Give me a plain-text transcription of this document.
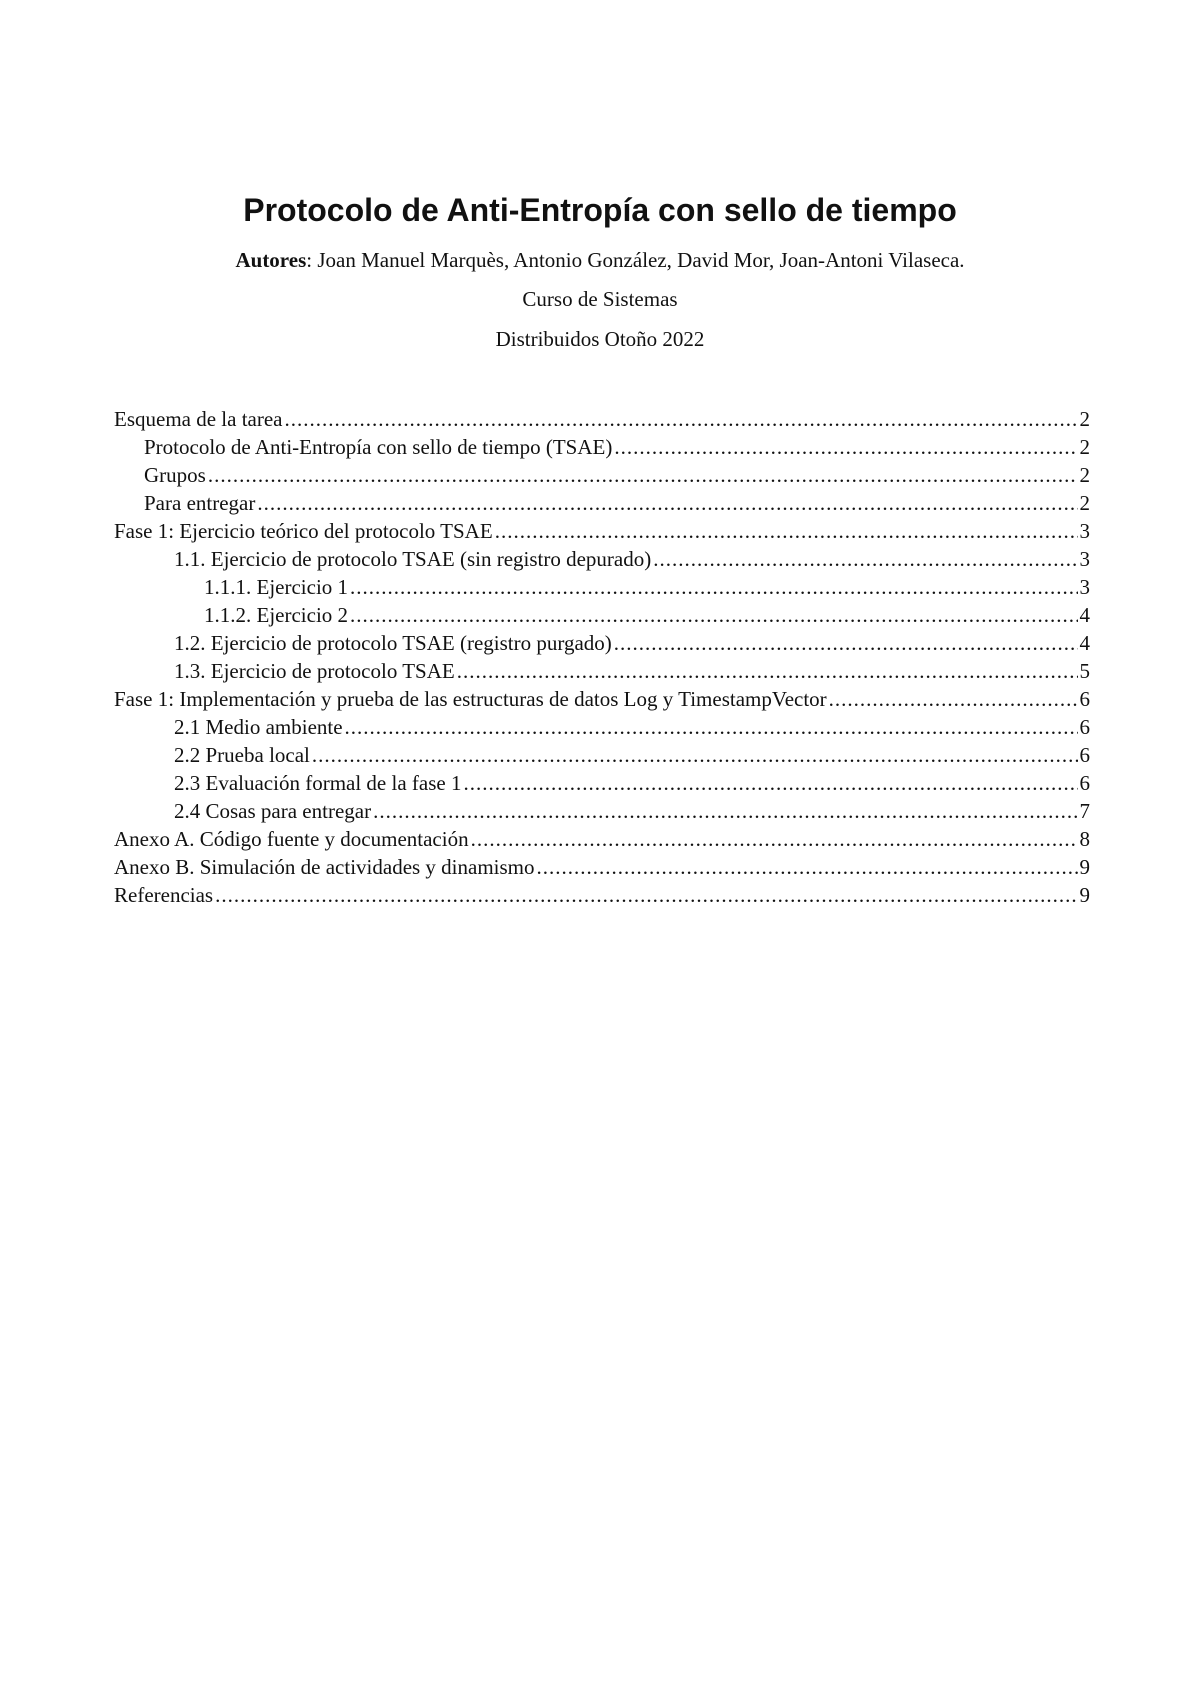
Protocolo de Anti-Entropía con sello de tiempo
Autores: Joan Manuel Marquès, Antonio González, David Mor, Joan-Antoni Vilaseca.
Curso de Sistemas
Distribuidos Otoño 2022
Esquema de la tarea .....	2
Protocolo de Anti-Entropía con sello de tiempo (TSAE) .....	2
Grupos .....	2
Para entregar .....	2
Fase 1: Ejercicio teórico del protocolo TSAE .....	3
1.1. Ejercicio de protocolo TSAE (sin registro depurado) .....	3
1.1.1. Ejercicio 1 .....	3
1.1.2. Ejercicio 2 .....	4
1.2. Ejercicio de protocolo TSAE (registro purgado) .....	4
1.3. Ejercicio de protocolo TSAE .....	5
Fase 1: Implementación y prueba de las estructuras de datos Log y TimestampVector .....	6
2.1 Medio ambiente .....	6
2.2 Prueba local .....	6
2.3 Evaluación formal de la fase 1 .....	6
2.4 Cosas para entregar .....	7
Anexo A. Código fuente y documentación .....	8
Anexo B. Simulación de actividades y dinamismo .....	9
Referencias .....	9
